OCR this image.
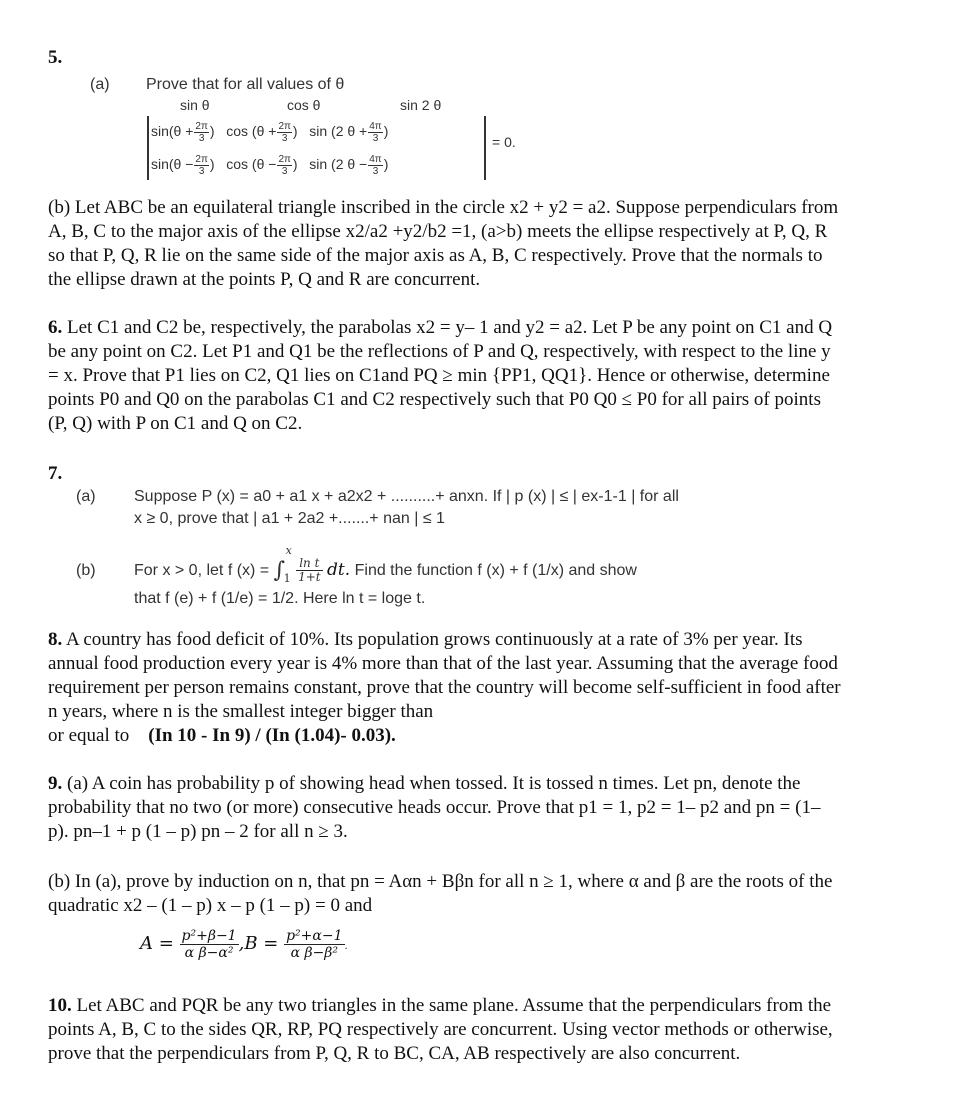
5.
(a) Prove that for all values of θ
sin θ	cos θ	sin 2 θ
$\sin(\theta + \frac{2\pi}{3}$ ) $\cos (\theta + \frac{2\pi}{3}$ ) sin (2 $\theta + \frac{4\pi}{3}$ )
$\sin(\theta - \frac{2\pi}{3}$ ) $\cos (\theta - \frac{2\pi}{3}$ ) sin (2 $\theta - \frac{4\pi}{3}$ )
= 0.
(b) Let ABC be an equilateral triangle inscribed in the circle x2 + y2 = a2. Suppose perpendiculars from
A, B, C to the major axis of the ellipse x2/a2 +y2/b2 =1, (a>b) meets the ellipse respectively at P, Q, R
so that P, Q, R lie on the same side of the major axis as A, B, C respectively. Prove that the normals to
the ellipse drawn at the points P, Q and R are concurrent.
6. Let C1 and C2 be, respectively, the parabolas x2 = y– 1 and y2 = a2. Let P be any point on C1 and Q
be any point on C2. Let P1 and Q1 be the reflections of P and Q, respectively, with respect to the line y
= x. Prove that P1 lies on C2, Q1 lies on C1and PQ ≥ min {PP1, QQ1}. Hence or otherwise, determine
points P0 and Q0 on the parabolas C1 and C2 respectively such that P0 Q0 ≤ P0 for all pairs of points
(P, Q) with P on C1 and Q on C2.
7.
(a) Suppose P (x) = a0 + a1 x + a2x2 + ..........+ anxn. If | p (x) | ≤ | ex-1-1 | for all
x ≥ 0, prove that | a1 + 2a2 +.......+ nan | ≤ 1
(b) For x > 0, let f (x) = ∫
x
1
$\frac{\text{ln t}}{1+t}$ dt. Find the function f (x) + f (1/x) and show
that f (e) + f (1/e) = 1/2. Here ln t = loge t.
8. A country has food deficit of 10%. Its population grows continuously at a rate of 3% per year. Its
annual food production every year is 4% more than that of the last year. Assuming that the average food
requirement per person remains constant, prove that the country will become self-sufficient in food after
n years, where n is the smallest integer bigger than
or equal to (In 10 - In 9) / (In (1.04)- 0.03).
9. (a) A coin has probability p of showing head when tossed. It is tossed n times. Let pn, denote the
probability that no two (or more) consecutive heads occur. Prove that p1 = 1, p2 = 1– p2 and pn = (1–
p). pn–1 + p (1 – p) pn – 2 for all n ≥ 3.
(b) In (a), prove by induction on n, that pn = Aαn + Bβn for all n ≥ 1, where α and β are the roots of the
quadratic x2 – (1 – p) x – p (1 – p) = 0 and
$A = \frac{\text{p²+β−1}}{\text{α β−α²}} ,B = \frac{\text{p²+α−1}}{\text{α β−β²}}$ .
10. Let ABC and PQR be any two triangles in the same plane. Assume that the perpendiculars from the
points A, B, C to the sides QR, RP, PQ respectively are concurrent. Using vector methods or otherwise,
prove that the perpendiculars from P, Q, R to BC, CA, AB respectively are also concurrent.
